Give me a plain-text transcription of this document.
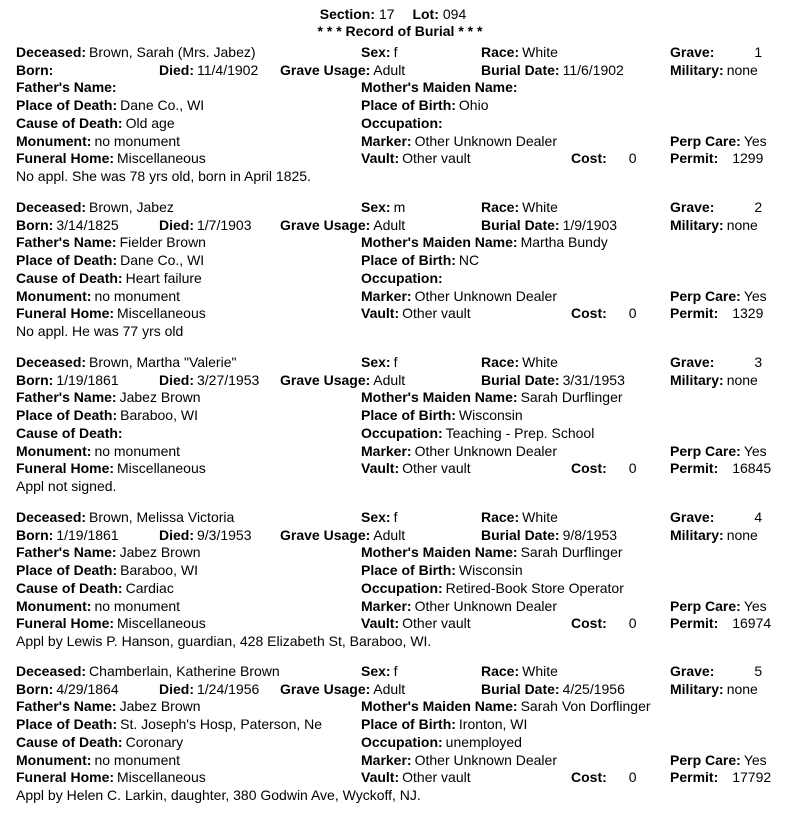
Section: 17 Lot: 094
* * * Record of Burial * * *
Deceased: Brown, Sarah (Mrs. Jabez)	Sex: f	Race: White	Grave:	1
Born:	Died: 11/4/1902 Grave Usage: Adult	Burial Date: 11/6/1902	Military: none
Father's Name:	Mother's Maiden Name:
Place of Death: Dane Co., WI	Place of Birth: Ohio
Cause of Death: Old age	Occupation:
Monument: no monument	Marker: Other Unknown Dealer	Perp Care: Yes
Funeral Home: Miscellaneous	Vault: Other vault	Cost: 0 Permit: 1299
No appl. She was 78 yrs old, born in April 1825.
Deceased: Brown, Jabez	Sex: m	Race: White	Grave:	2
Born: 3/14/1825	Died: 1/7/1903 Grave Usage: Adult	Burial Date: 1/9/1903	Military: none
Father's Name: Fielder Brown	Mother's Maiden Name: Martha Bundy
Place of Death: Dane Co., WI	Place of Birth: NC
Cause of Death: Heart failure	Occupation:
Monument: no monument	Marker: Other Unknown Dealer	Perp Care: Yes
Funeral Home: Miscellaneous	Vault: Other vault	Cost: 0 Permit: 1329
No appl. He was 77 yrs old
Deceased: Brown, Martha "Valerie"	Sex: f	Race: White	Grave:	3
Born: 1/19/1861	Died: 3/27/1953 Grave Usage: Adult	Burial Date: 3/31/1953	Military: none
Father's Name: Jabez Brown	Mother's Maiden Name: Sarah Durflinger
Place of Death: Baraboo, WI	Place of Birth: Wisconsin
Cause of Death:	Occupation: Teaching - Prep. School
Monument: no monument	Marker: Other Unknown Dealer	Perp Care: Yes
Funeral Home: Miscellaneous	Vault: Other vault	Cost: 0 Permit: 16845
Appl not signed.
Deceased: Brown, Melissa Victoria	Sex: f	Race: White	Grave:	4
Born: 1/19/1861	Died: 9/3/1953 Grave Usage: Adult	Burial Date: 9/8/1953	Military: none
Father's Name: Jabez Brown	Mother's Maiden Name: Sarah Durflinger
Place of Death: Baraboo, WI	Place of Birth: Wisconsin
Cause of Death: Cardiac	Occupation: Retired-Book Store Operator
Monument: no monument	Marker: Other Unknown Dealer	Perp Care: Yes
Funeral Home: Miscellaneous	Vault: Other vault	Cost: 0 Permit: 16974
Appl by Lewis P. Hanson, guardian, 428 Elizabeth St, Baraboo, WI.
Deceased: Chamberlain, Katherine Brown	Sex: f	Race: White	Grave:	5
Born: 4/29/1864	Died: 1/24/1956 Grave Usage: Adult	Burial Date: 4/25/1956	Military: none
Father's Name: Jabez Brown	Mother's Maiden Name: Sarah Von Dorflinger
Place of Death: St. Joseph's Hosp, Paterson, Ne	Place of Birth: Ironton, WI
Cause of Death: Coronary	Occupation: unemployed
Monument: no monument	Marker: Other Unknown Dealer	Perp Care: Yes
Funeral Home: Miscellaneous	Vault: Other vault	Cost: 0 Permit: 17792
Appl by Helen C. Larkin, daughter, 380 Godwin Ave, Wyckoff, NJ.
